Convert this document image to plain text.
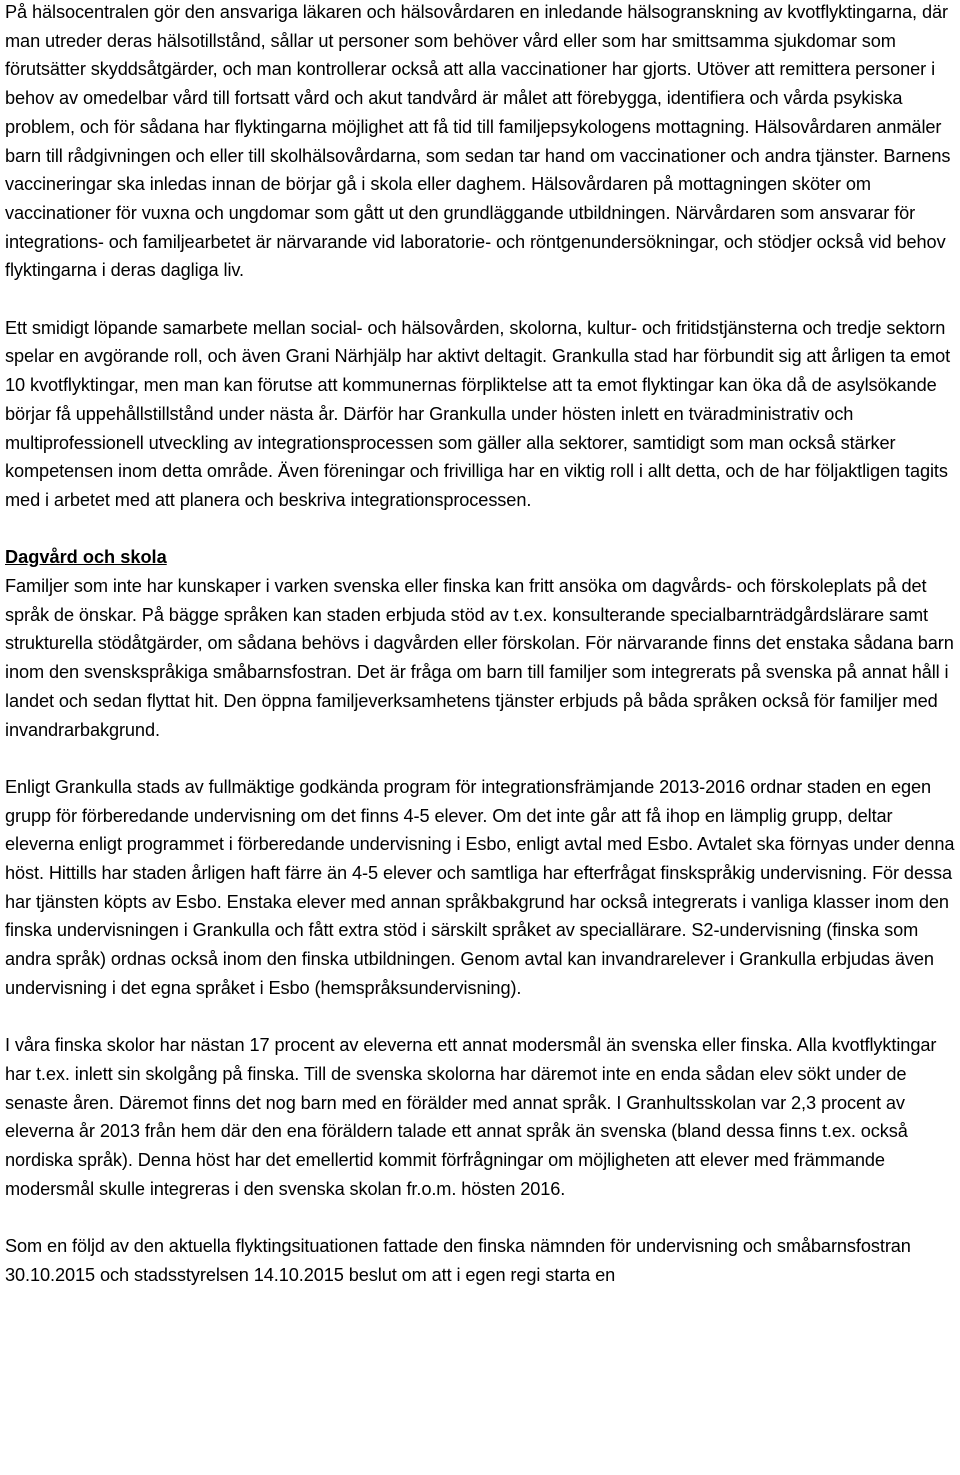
På hälsocentralen gör den ansvariga läkaren och hälsovårdaren en inledande hälsogranskning av kvotflyktingarna, där man utreder deras hälsotillstånd, sållar ut personer som behöver vård eller som har smittsamma sjukdomar som förutsätter skyddsåtgärder, och man kontrollerar också att alla vaccinationer har gjorts. Utöver att remittera personer i behov av omedelbar vård till fortsatt vård och akut tandvård är målet att förebygga, identifiera och vårda psykiska problem, och för sådana har flyktingarna möjlighet att få tid till familjepsykologens mottagning. Hälsovårdaren anmäler barn till rådgivningen och eller till skolhälsovårdarna, som sedan tar hand om vaccinationer och andra tjänster. Barnens vaccineringar ska inledas innan de börjar gå i skola eller daghem. Hälsovårdaren på mottagningen sköter om vaccinationer för vuxna och ungdomar som gått ut den grundläggande utbildningen. Närvårdaren som ansvarar för integrations- och familjearbetet är närvarande vid laboratorie- och röntgenundersökningar, och stödjer också vid behov flyktingarna i deras dagliga liv.

Ett smidigt löpande samarbete mellan social- och hälsovården, skolorna, kultur- och fritidstjänsterna och tredje sektorn spelar en avgörande roll, och även Grani Närhjälp har aktivt deltagit. Grankulla stad har förbundit sig att årligen ta emot 10 kvotflyktingar, men man kan förutse att kommunernas förpliktelse att ta emot flyktingar kan öka då de asylsökande börjar få uppehållstillstånd under nästa år. Därför har Grankulla under hösten inlett en tväradministrativ och multiprofessionell utveckling av integrationsprocessen som gäller alla sektorer, samtidigt som man också stärker kompetensen inom detta område. Även föreningar och frivilliga har en viktig roll i allt detta, och de har följaktligen tagits med i arbetet med att planera och beskriva integrationsprocessen.

Dagvård och skola

Familjer som inte har kunskaper i varken svenska eller finska kan fritt ansöka om dagvårds- och förskoleplats på det språk de önskar. På bägge språken kan staden erbjuda stöd av t.ex. konsulterande specialbarnträdgårdslärare samt strukturella stödåtgärder, om sådana behövs i dagvården eller förskolan. För närvarande finns det enstaka sådana barn inom den svenskspråkiga småbarnsfostran. Det är fråga om barn till familjer som integrerats på svenska på annat håll i landet och sedan flyttat hit. Den öppna familjeverksamhetens tjänster erbjuds på båda språken också för familjer med invandrarbakgrund.

Enligt Grankulla stads av fullmäktige godkända program för integrationsfrämjande 2013-2016 ordnar staden en egen grupp för förberedande undervisning om det finns 4-5 elever. Om det inte går att få ihop en lämplig grupp, deltar eleverna enligt programmet i förberedande undervisning i Esbo, enligt avtal med Esbo. Avtalet ska förnyas under denna höst. Hittills har staden årligen haft färre än 4-5 elever och samtliga har efterfrågat finskspråkig undervisning. För dessa har tjänsten köpts av Esbo. Enstaka elever med annan språkbakgrund har också integrerats i vanliga klasser inom den finska undervisningen i Grankulla och fått extra stöd i särskilt språket av speciallärare. S2-undervisning (finska som andra språk) ordnas också inom den finska utbildningen. Genom avtal kan invandrarelever i Grankulla erbjudas även undervisning i det egna språket i Esbo (hemspråksundervisning).

I våra finska skolor har nästan 17 procent av eleverna ett annat modersmål än svenska eller finska. Alla kvotflyktingar har t.ex. inlett sin skolgång på finska. Till de svenska skolorna har däremot inte en enda sådan elev sökt under de senaste åren. Däremot finns det nog barn med en förälder med annat språk. I Granhultsskolan var 2,3 procent av eleverna år 2013 från hem där den ena föräldern talade ett annat språk än svenska (bland dessa finns t.ex. också nordiska språk). Denna höst har det emellertid kommit förfrågningar om möjligheten att elever med främmande modersmål skulle integreras i den svenska skolan fr.o.m. hösten 2016.

Som en följd av den aktuella flyktingsituationen fattade den finska nämnden för undervisning och småbarnsfostran 30.10.2015 och stadsstyrelsen 14.10.2015 beslut om att i egen regi starta en
